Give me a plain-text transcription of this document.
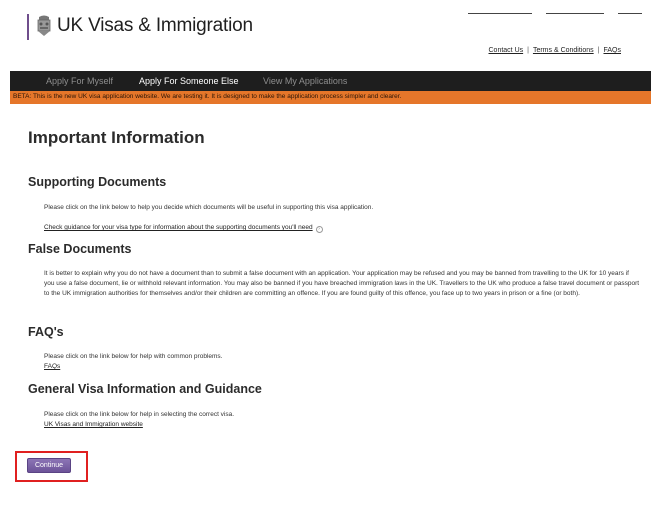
UK Visas & Immigration
Contact Us | Terms & Conditions | FAQs
Apply For Myself	Apply For Someone Else	View My Applications
BETA: This is the new UK visa application website. We are testing it. It is designed to make the application process simpler and clearer.
Important Information
Supporting Documents

Please click on the link below to help you decide which documents will be useful in supporting this visa application.

Check guidance for your visa type for information about the supporting documents you'll need ›
False Documents

It is better to explain why you do not have a document than to submit a false document with an application. Your application may be refused and you may be banned from travelling to the UK for 10 years if you use a false document, lie or withhold relevant information. You may also be banned if you have breached immigration laws in the UK. Travellers to the UK who produce a false travel document or passport to the UK immigration authorities for themselves and/or their children are committing an offence. If you are found guilty of this offence, you face up to two years in prison or a fine (or both).

FAQ's

Please click on the link below for help with common problems.

FAQs
General Visa Information and Guidance

Please click on the link below for help in selecting the correct visa.

UK Visas and Immigration website
Continue
